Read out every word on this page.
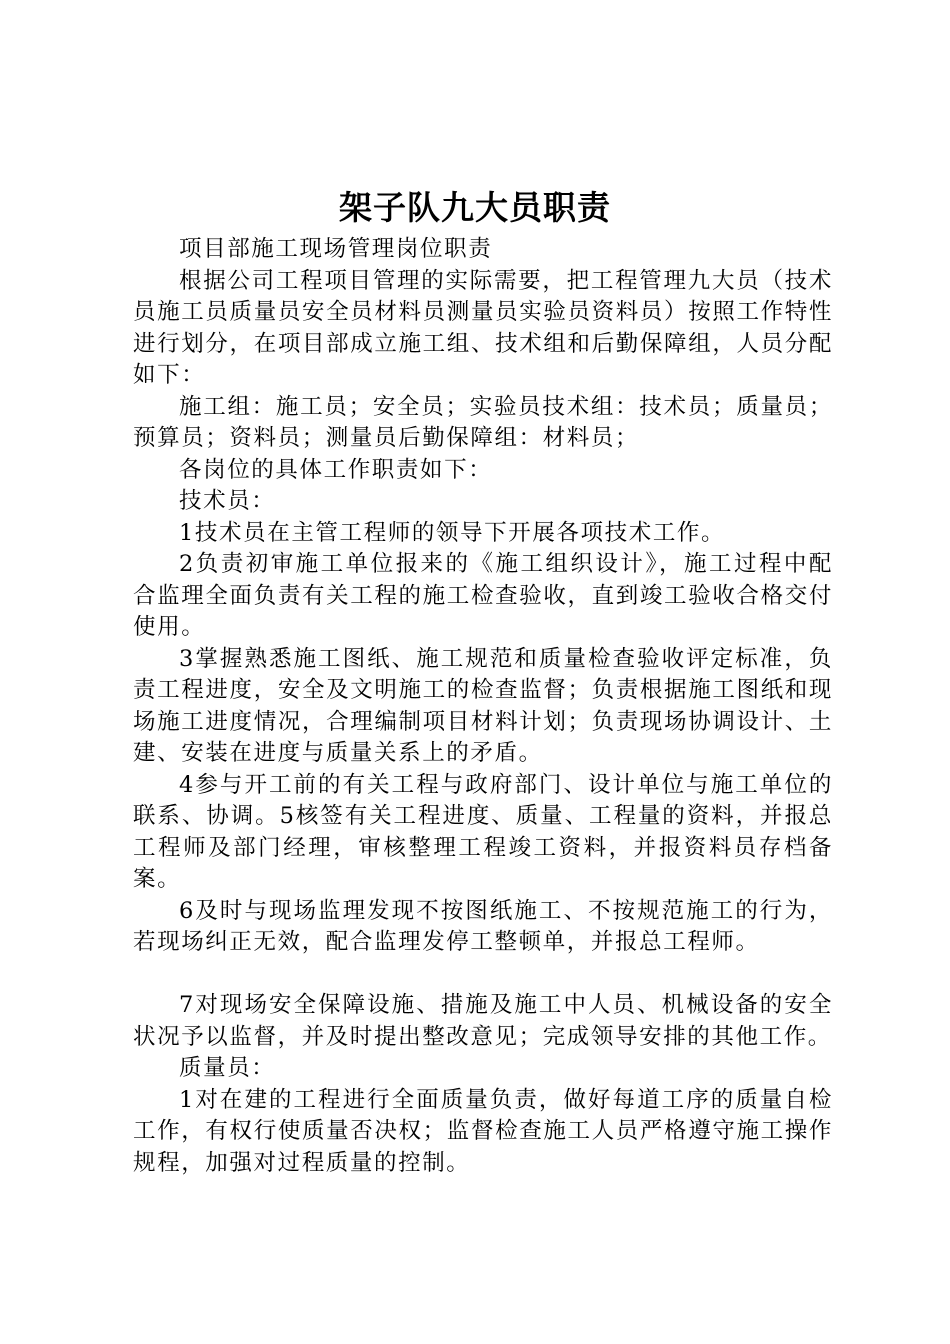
架子队九大员职责

项目部施工现场管理岗位职责

根据公司工程项目管理的实际需要，把工程管理九大员（技术员施工员质量员安全员材料员测量员实验员资料员）按照工作特性进行划分，在项目部成立施工组、技术组和后勤保障组，人员分配如下：

施工组：施工员；安全员；实验员技术组：技术员；质量员；预算员；资料员；测量员后勤保障组：材料员；

各岗位的具体工作职责如下：

技术员：

1技术员在主管工程师的领导下开展各项技术工作。

2负责初审施工单位报来的《施工组织设计》，施工过程中配合监理全面负责有关工程的施工检查验收，直到竣工验收合格交付使用。

3掌握熟悉施工图纸、施工规范和质量检查验收评定标准，负责工程进度，安全及文明施工的检查监督；负责根据施工图纸和现场施工进度情况，合理编制项目材料计划；负责现场协调设计、土建、安装在进度与质量关系上的矛盾。

4参与开工前的有关工程与政府部门、设计单位与施工单位的联系、协调。5核签有关工程进度、质量、工程量的资料，并报总工程师及部门经理，审核整理工程竣工资料，并报资料员存档备案。

6及时与现场监理发现不按图纸施工、不按规范施工的行为，若现场纠正无效，配合监理发停工整顿单，并报总工程师。

7对现场安全保障设施、措施及施工中人员、机械设备的安全状况予以监督，并及时提出整改意见；完成领导安排的其他工作。

质量员：

1对在建的工程进行全面质量负责，做好每道工序的质量自检工作，有权行使质量否决权；监督检查施工人员严格遵守施工操作规程，加强对过程质量的控制。
